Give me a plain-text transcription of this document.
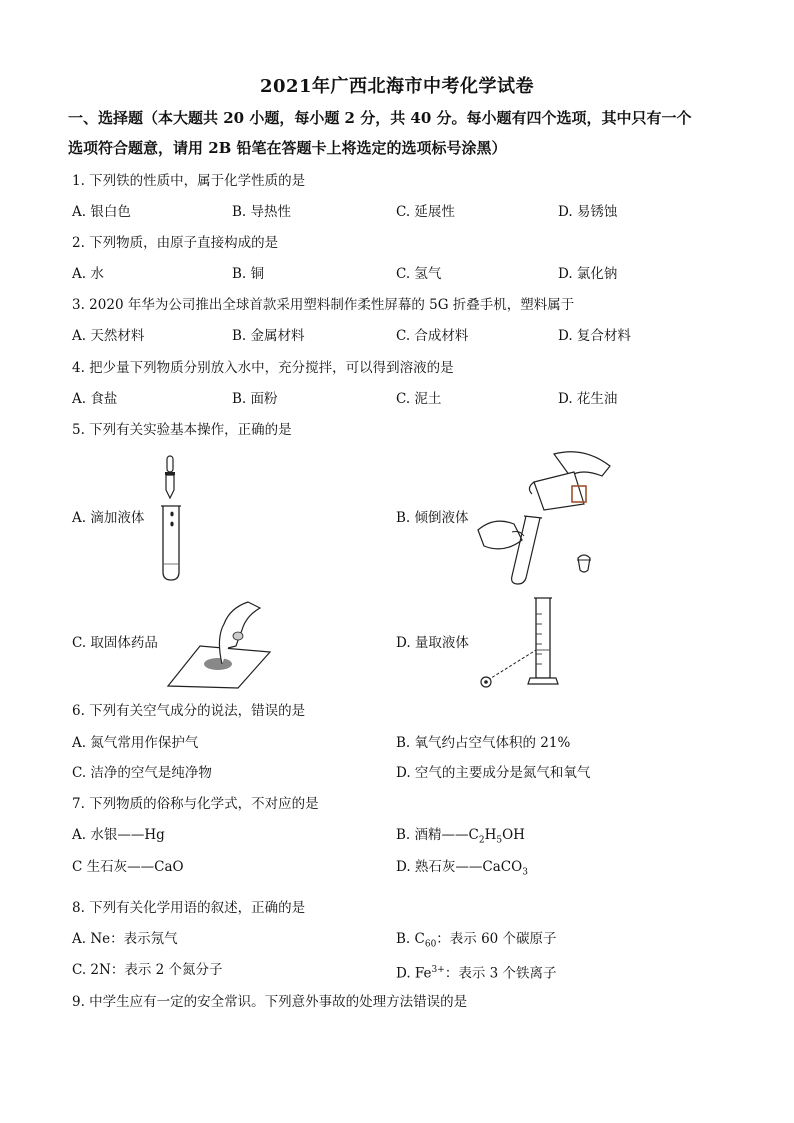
2021年广西北海市中考化学试卷
一、选择题（本大题共 20 小题，每小题 2 分，共 40 分。每小题有四个选项，其中只有一个
选项符合题意，请用 2B 铅笔在答题卡上将选定的选项标号涂黑）
1. 下列铁的性质中，属于化学性质的是
A. 银白色	B. 导热性	C. 延展性	D. 易锈蚀
2. 下列物质，由原子直接构成的是
A. 水	B. 铜	C. 氢气	D. 氯化钠
3. 2020 年华为公司推出全球首款采用塑料制作柔性屏幕的 5G 折叠手机，塑料属于
A. 天然材料	B. 金属材料	C. 合成材料	D. 复合材料
4. 把少量下列物质分别放入水中，充分搅拌，可以得到溶液的是
A. 食盐	B. 面粉	C. 泥土	D. 花生油
5. 下列有关实验基本操作，正确的是
A. 滴加液体	B. 倾倒液体
C. 取固体药品	D. 量取液体
6. 下列有关空气成分的说法，错误的是
A. 氮气常用作保护气	B. 氧气约占空气体积的 21%
C. 洁净的空气是纯净物	D. 空气的主要成分是氮气和氧气
7. 下列物质的俗称与化学式，不对应的是
A. 水银——Hg	B. 酒精$——C_2H_5OH$
C 生石灰——CaO	D. 熟石灰——CaCO$_3$
8. 下列有关化学用语的叙述，正确的是
A. Ne：表示氖气	B. $C_{60}$：表示 60 个碳原子
C. 2N：表示 2 个氮分子	D. $Fe^{3+}$：表示 3 个铁离子
9. 中学生应有一定的安全常识。下列意外事故的处理方法错误的是
